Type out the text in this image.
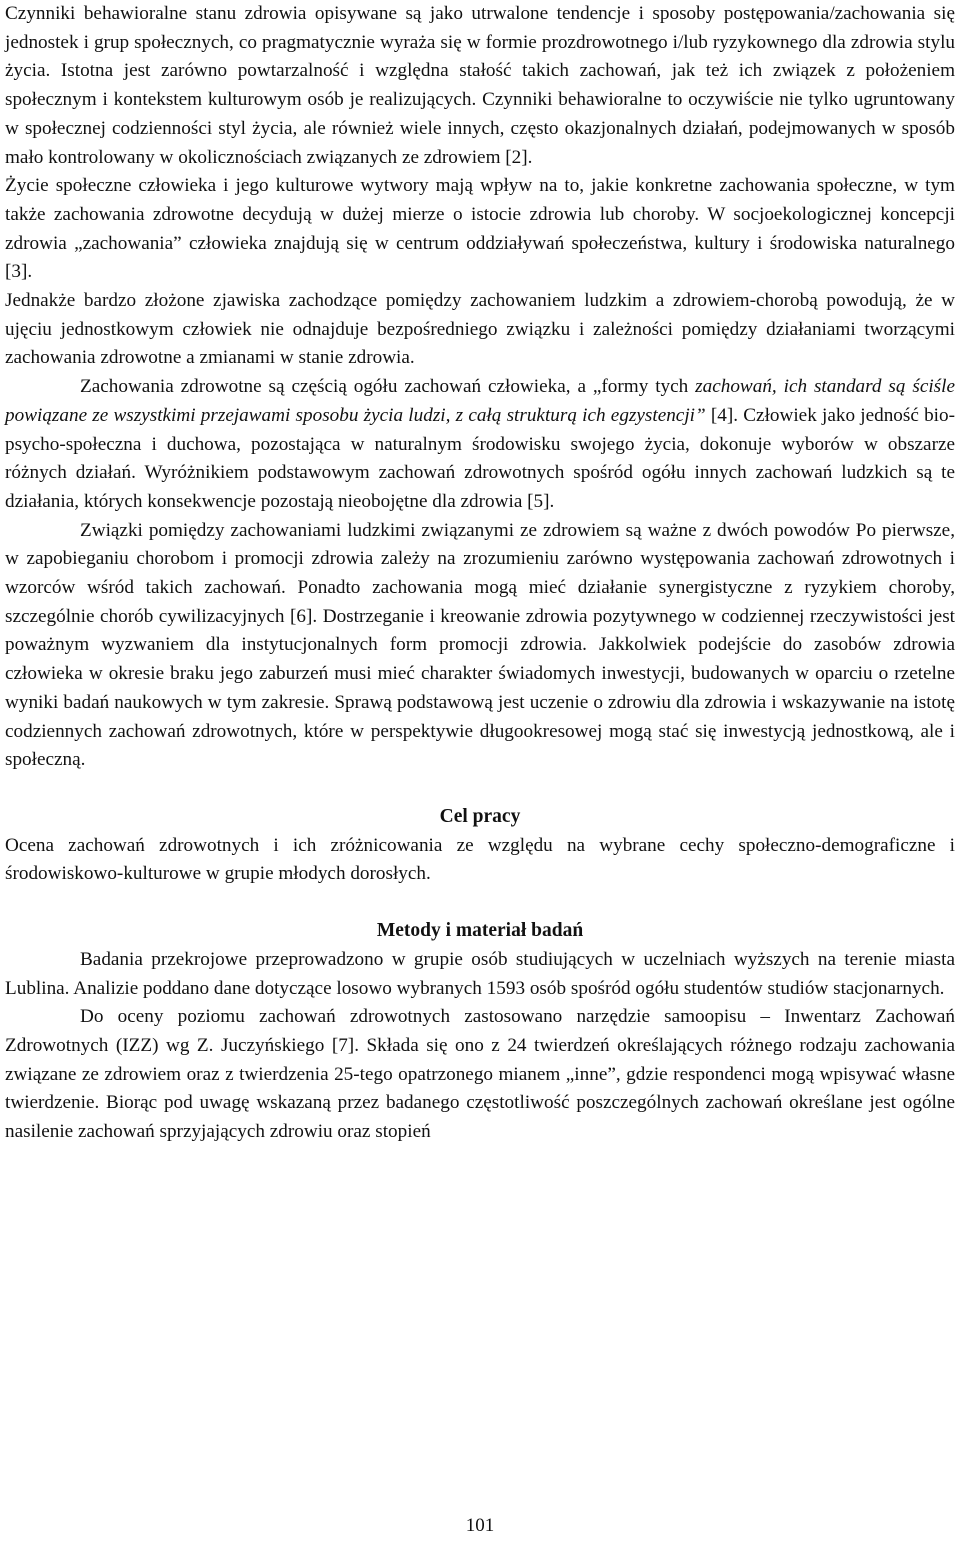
Czynniki behawioralne stanu zdrowia opisywane są jako utrwalone tendencje i sposoby postępowania/zachowania się jednostek i grup społecznych, co pragmatycznie wyraża się w formie prozdrowotnego i/lub ryzykownego dla zdrowia stylu życia. Istotna jest zarówno powtarzalność i względna stałość takich zachowań, jak też ich związek z położeniem społecznym i kontekstem kulturowym osób je realizujących. Czynniki behawioralne to oczywiście nie tylko ugruntowany w społecznej codzienności styl życia, ale również wiele innych, często okazjonalnych działań, podejmowanych w sposób mało kontrolowany w okolicznościach związanych ze zdrowiem [2].

Życie społeczne człowieka i jego kulturowe wytwory mają wpływ na to, jakie konkretne zachowania społeczne, w tym także zachowania zdrowotne decydują w dużej mierze o istocie zdrowia lub choroby. W socjoekologicznej koncepcji zdrowia „zachowania” człowieka znajdują się w centrum oddziaływań społeczeństwa, kultury i środowiska naturalnego [3].

Jednakże bardzo złożone zjawiska zachodzące pomiędzy zachowaniem ludzkim a zdrowiem-chorobą powodują, że w ujęciu jednostkowym człowiek nie odnajduje bezpośredniego związku i zależności pomiędzy działaniami tworzącymi zachowania zdrowotne a zmianami w stanie zdrowia.

Zachowania zdrowotne są częścią ogółu zachowań człowieka, a „formy tych zachowań, ich standard są ściśle powiązane ze wszystkimi przejawami sposobu życia ludzi, z całą strukturą ich egzystencji” [4]. Człowiek jako jedność bio-psycho-społeczna i duchowa, pozostająca w naturalnym środowisku swojego życia, dokonuje wyborów w obszarze różnych działań. Wyróżnikiem podstawowym zachowań zdrowotnych spośród ogółu innych zachowań ludzkich są te działania, których konsekwencje pozostają nieobojętne dla zdrowia [5].

Związki pomiędzy zachowaniami ludzkimi związanymi ze zdrowiem są ważne z dwóch powodów Po pierwsze, w zapobieganiu chorobom i promocji zdrowia zależy na zrozumieniu zarówno występowania zachowań zdrowotnych i wzorców wśród takich zachowań. Ponadto zachowania mogą mieć działanie synergistyczne z ryzykiem choroby, szczególnie chorób cywilizacyjnych [6]. Dostrzeganie i kreowanie zdrowia pozytywnego w codziennej rzeczywistości jest poważnym wyzwaniem dla instytucjonalnych form promocji zdrowia. Jakkolwiek podejście do zasobów zdrowia człowieka w okresie braku jego zaburzeń musi mieć charakter świadomych inwestycji, budowanych w oparciu o rzetelne wyniki badań naukowych w tym zakresie. Sprawą podstawową jest uczenie o zdrowiu dla zdrowia i wskazywanie na istotę codziennych zachowań zdrowotnych, które w perspektywie długookresowej mogą stać się inwestycją jednostkową, ale i społeczną.

Cel pracy

Ocena zachowań zdrowotnych i ich zróżnicowania ze względu na wybrane cechy społeczno-demograficzne i środowiskowo-kulturowe w grupie młodych dorosłych.

Metody i materiał badań

Badania przekrojowe przeprowadzono w grupie osób studiujących w uczelniach wyższych na terenie miasta Lublina. Analizie poddano dane dotyczące losowo wybranych 1593 osób spośród ogółu studentów studiów stacjonarnych.

Do oceny poziomu zachowań zdrowotnych zastosowano narzędzie samoopisu – Inwentarz Zachowań Zdrowotnych (IZZ) wg Z. Juczyńskiego [7]. Składa się ono z 24 twierdzeń określających różnego rodzaju zachowania związane ze zdrowiem oraz z twierdzenia 25-tego opatrzonego mianem „inne”, gdzie respondenci mogą wpisywać własne twierdzenie. Biorąc pod uwagę wskazaną przez badanego częstotliwość poszczególnych zachowań określane jest ogólne nasilenie zachowań sprzyjających zdrowiu oraz stopień

101
